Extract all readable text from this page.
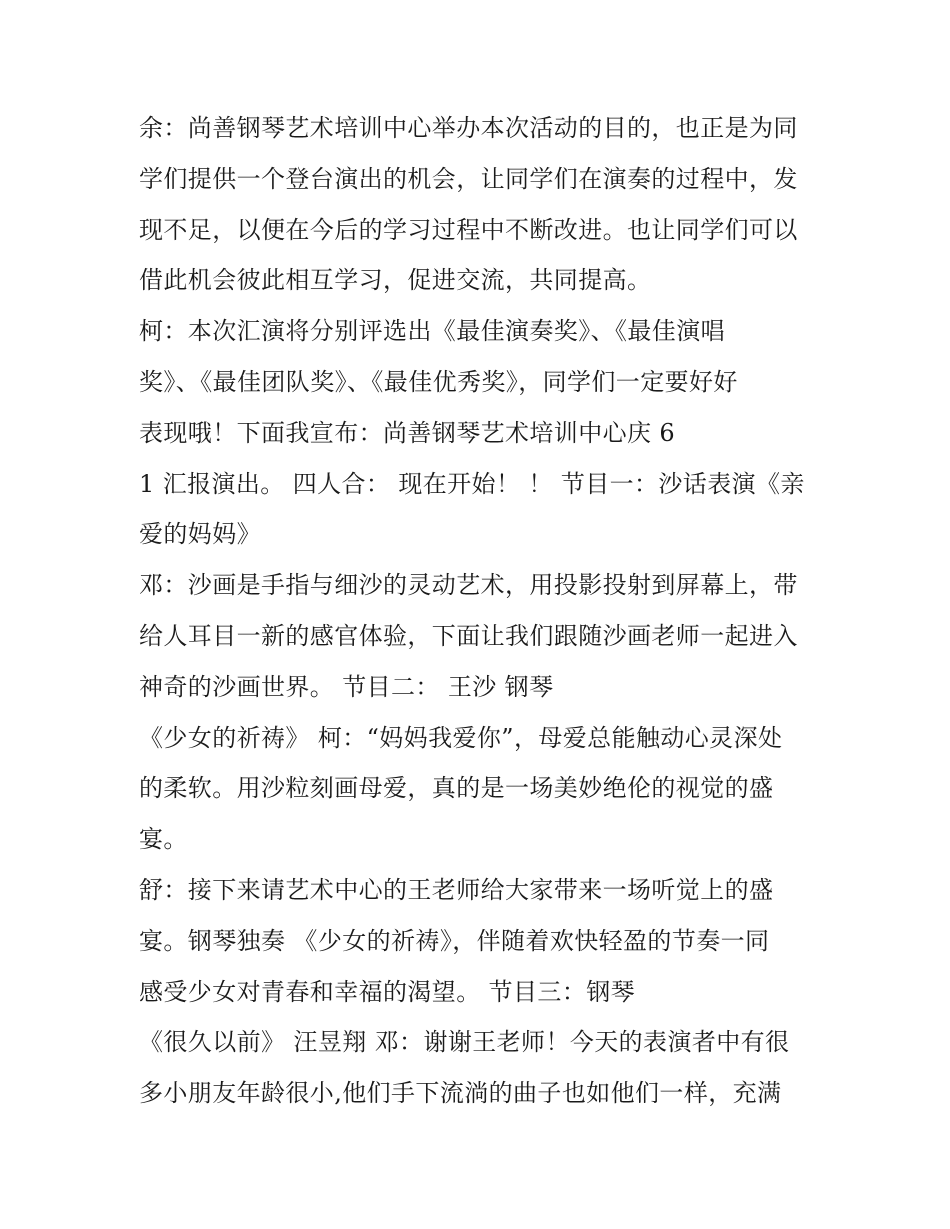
余：尚善钢琴艺术培训中心举办本次活动的目的，也正是为同
学们提供一个登台演出的机会，让同学们在演奏的过程中，发
现不足，以便在今后的学习过程中不断改进。也让同学们可以
借此机会彼此相互学习，促进交流，共同提高。
柯：本次汇演将分别评选出《最佳演奏奖》、《最佳演唱
奖》、《最佳团队奖》、《最佳优秀奖》，同学们一定要好好
表现哦！下面我宣布：尚善钢琴艺术培训中心庆 6
1 汇报演出。 四人合： 现在开始！ ！ 节目一：沙话表演《亲
爱的妈妈》
邓：沙画是手指与细沙的灵动艺术，用投影投射到屏幕上，带
给人耳目一新的感官体验，下面让我们跟随沙画老师一起进入
神奇的沙画世界。 节目二： 王沙 钢琴
《少女的祈祷》 柯：“妈妈我爱你”，母爱总能触动心灵深处
的柔软。用沙粒刻画母爱，真的是一场美妙绝伦的视觉的盛
宴。
舒：接下来请艺术中心的王老师给大家带来一场听觉上的盛
宴。钢琴独奏 《少女的祈祷》，伴随着欢快轻盈的节奏一同
感受少女对青春和幸福的渴望。 节目三：钢琴
《很久以前》 汪昱翔 邓：谢谢王老师！今天的表演者中有很
多小朋友年龄很小,他们手下流淌的曲子也如他们一样，充满
